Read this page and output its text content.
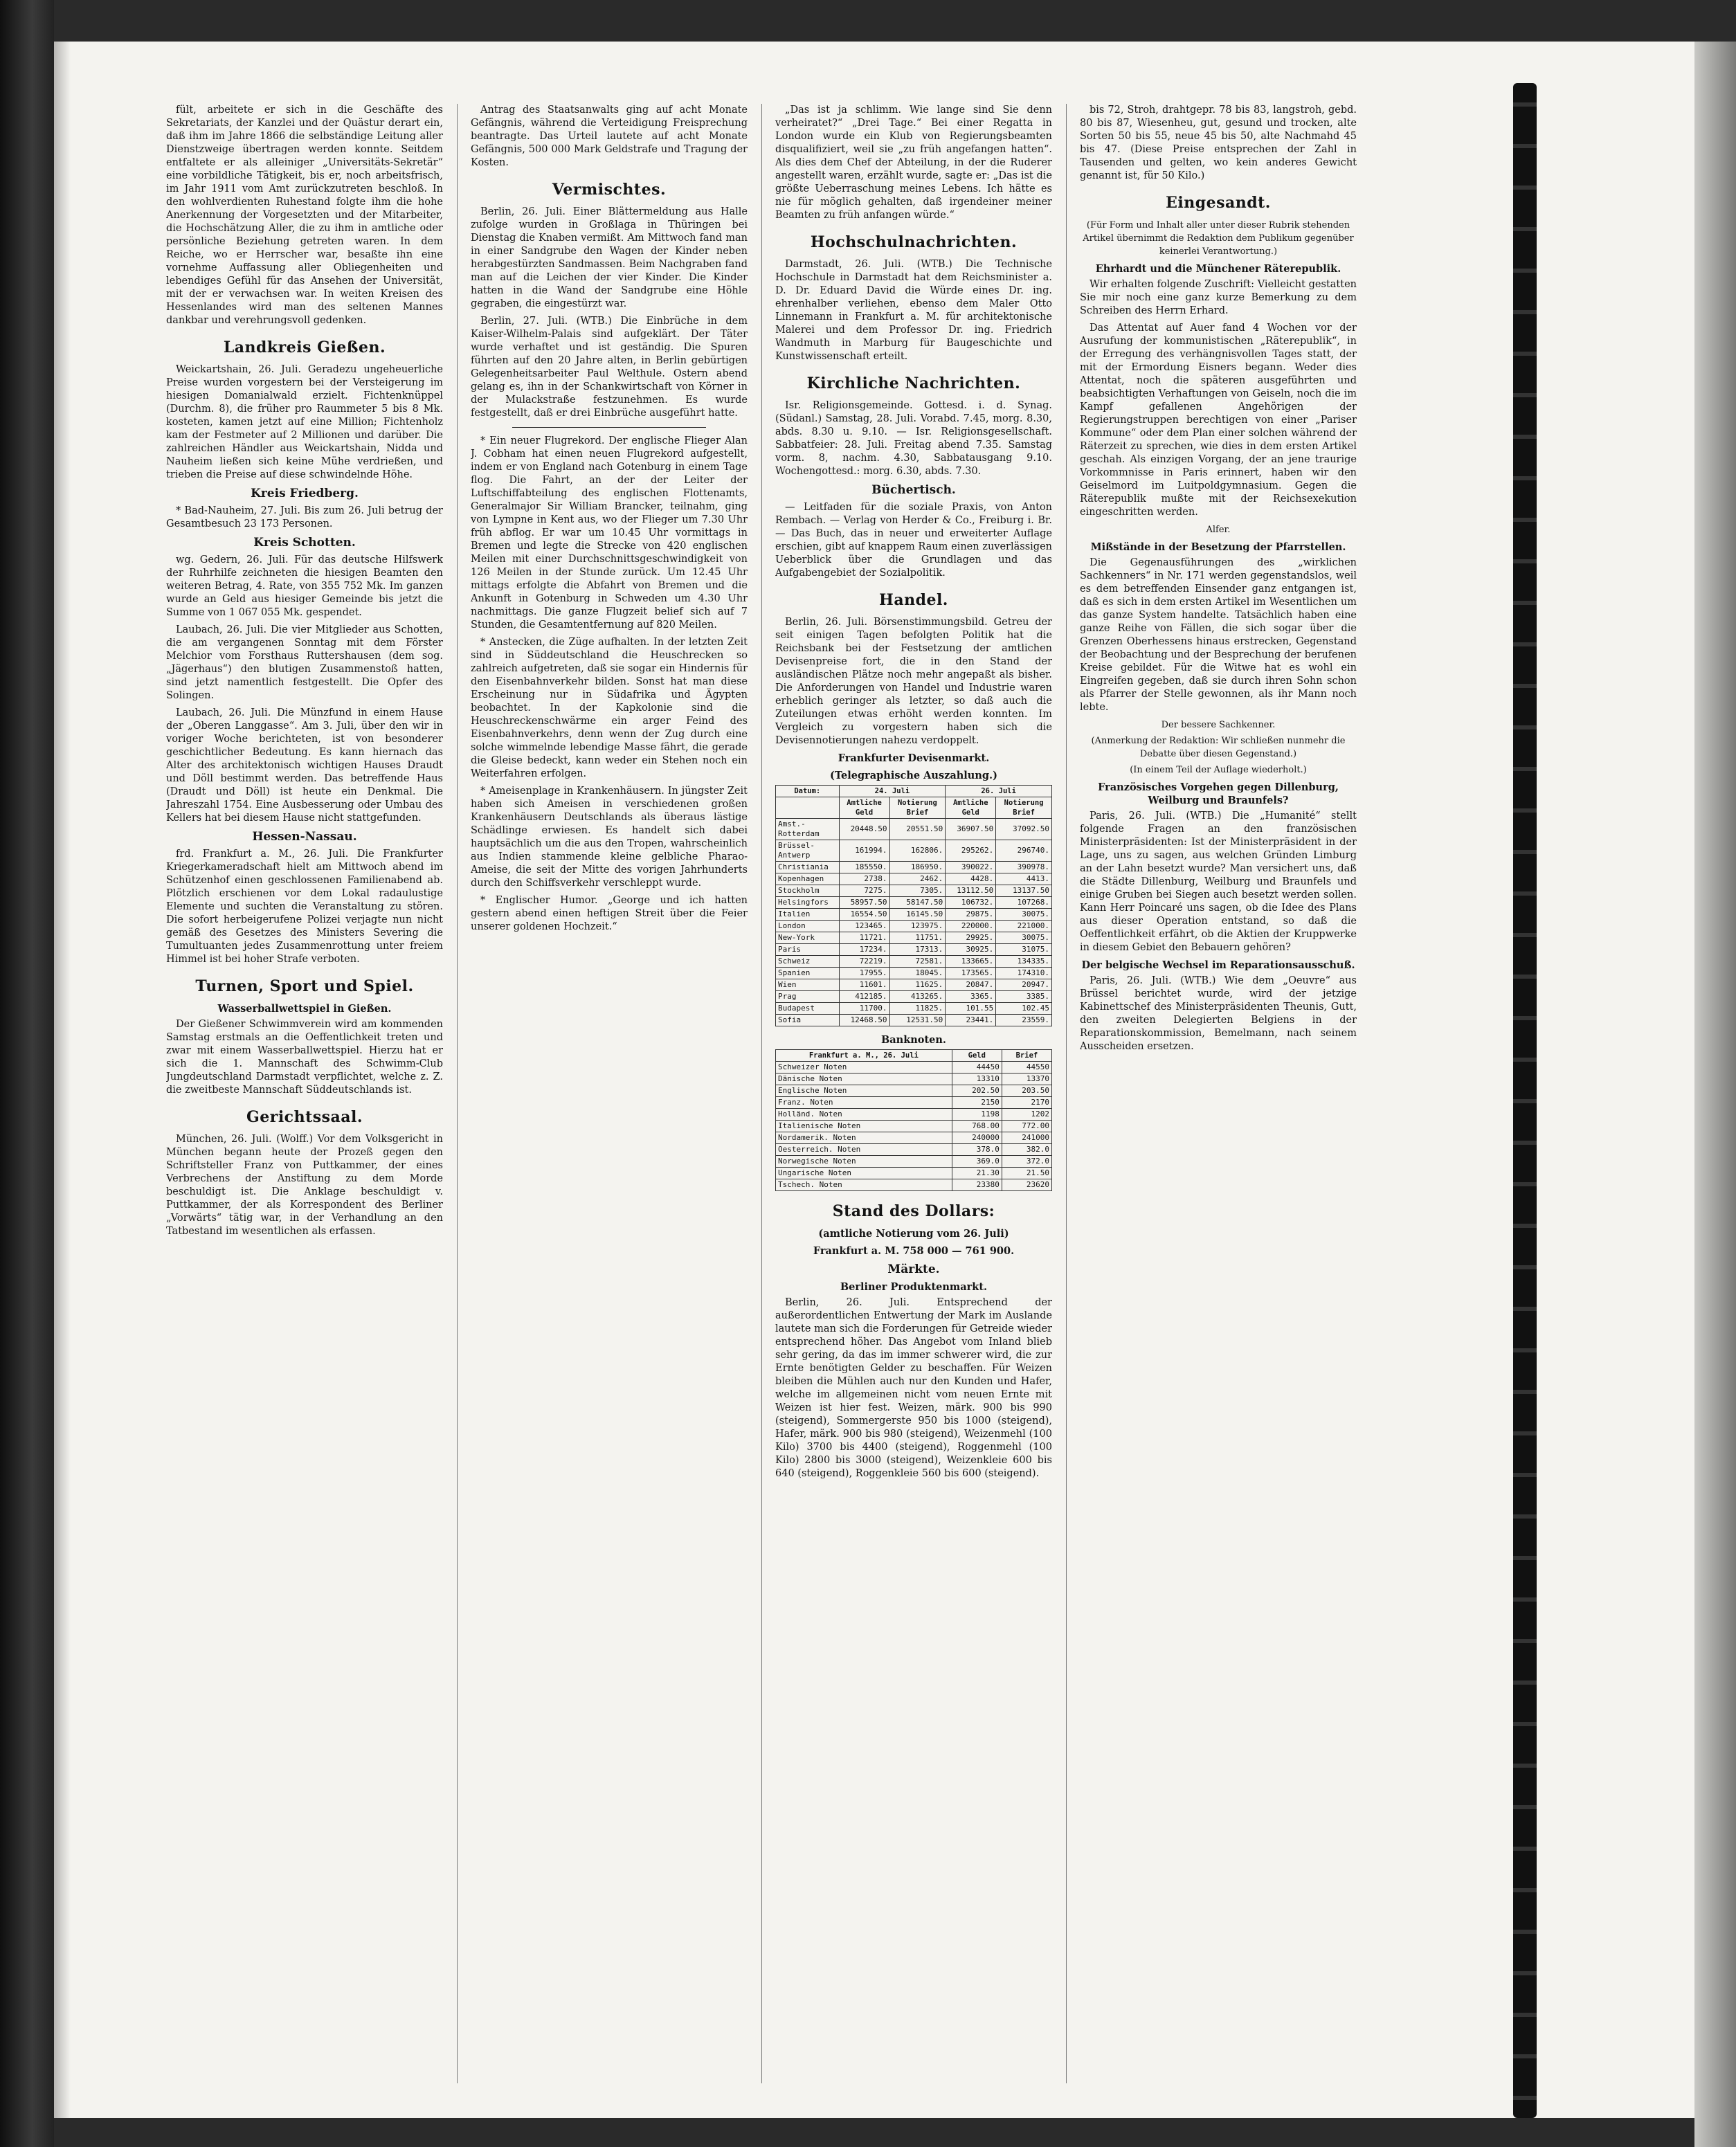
fült, arbeitete er sich in die Geschäfte des Sekretariats, der Kanzlei und der Quästur derart ein, daß ihm im Jahre 1866 die selbständige Leitung aller Dienstzweige übertragen werden konnte. Seitdem entfaltete er als alleiniger „Universitäts-Sekretär“ eine vorbildliche Tätigkeit, bis er, noch arbeitsfrisch, im Jahr 1911 vom Amt zurückzutreten beschloß. In den wohlverdienten Ruhestand folgte ihm die hohe Anerkennung der Vorgesetzten und der Mitarbeiter, die Hochschätzung Aller, die zu ihm in amtliche oder persönliche Beziehung getreten waren. In dem Reiche, wo er Herrscher war, besaßte ihn eine vornehme Auffassung aller Obliegenheiten und lebendiges Gefühl für das Ansehen der Universität, mit der er verwachsen war. In weiten Kreisen des Hessenlandes wird man des seltenen Mannes dankbar und verehrungsvoll gedenken.

Landkreis Gießen.

Weickartshain, 26. Juli. Geradezu ungeheuerliche Preise wurden vorgestern bei der Versteigerung im hiesigen Domanialwald erzielt. Fichtenknüppel (Durchm. 8), die früher pro Raummeter 5 bis 8 Mk. kosteten, kamen jetzt auf eine Million; Fichtenholz kam der Festmeter auf 2 Millionen und darüber. Die zahlreichen Händler aus Weickartshain, Nidda und Nauheim ließen sich keine Mühe verdrießen, und trieben die Preise auf diese schwindelnde Höhe.

Kreis Friedberg.

* Bad-Nauheim, 27. Juli. Bis zum 26. Juli betrug der Gesamtbesuch 23 173 Personen.

Kreis Schotten.

wg. Gedern, 26. Juli. Für das deutsche Hilfswerk der Ruhrhilfe zeichneten die hiesigen Beamten den weiteren Betrag, 4. Rate, von 355 752 Mk. Im ganzen wurde an Geld aus hiesiger Gemeinde bis jetzt die Summe von 1 067 055 Mk. gespendet.

Laubach, 26. Juli. Die vier Mitglieder aus Schotten, die am vergangenen Sonntag mit dem Förster Melchior vom Forsthaus Ruttershausen (dem sog. „Jägerhaus“) den blutigen Zusammenstoß hatten, sind jetzt namentlich festgestellt. Die Opfer des Solingen.

Laubach, 26. Juli. Die Münzfund in einem Hause der „Oberen Langgasse“. Am 3. Juli, über den wir in voriger Woche berichteten, ist von besonderer geschichtlicher Bedeutung. Es kann hiernach das Alter des architektonisch wichtigen Hauses Draudt und Döll bestimmt werden. Das betreffende Haus (Draudt und Döll) ist heute ein Denkmal. Die Jahreszahl 1754. Eine Ausbesserung oder Umbau des Kellers hat bei diesem Hause nicht stattgefunden.

Hessen-Nassau.

frd. Frankfurt a. M., 26. Juli. Die Frankfurter Kriegerkameradschaft hielt am Mittwoch abend im Schützenhof einen geschlossenen Familienabend ab. Plötzlich erschienen vor dem Lokal radaulustige Elemente und suchten die Veranstaltung zu stören. Die sofort herbeigerufene Polizei verjagte nun nicht gemäß des Gesetzes des Ministers Severing die Tumultuanten jedes Zusammenrottung unter freiem Himmel ist bei hoher Strafe verboten.

Turnen, Sport und Spiel.
Wasserballwettspiel in Gießen.

Der Gießener Schwimmverein wird am kommenden Samstag erstmals an die Oeffentlichkeit treten und zwar mit einem Wasserballwettspiel. Hierzu hat er sich die 1. Mannschaft des Schwimm-Club Jungdeutschland Darmstadt verpflichtet, welche z. Z. die zweitbeste Mannschaft Süddeutschlands ist.

Gerichtssaal.

München, 26. Juli. (Wolff.) Vor dem Volksgericht in München begann heute der Prozeß gegen den Schriftsteller Franz von Puttkammer, der eines Verbrechens der Anstiftung zu dem Morde beschuldigt ist. Die Anklage beschuldigt v. Puttkammer, der als Korrespondent des Berliner „Vorwärts“ tätig war, in der Verhandlung an den Tatbestand im wesentlichen als erfassen.

Antrag des Staatsanwalts ging auf acht Monate Gefängnis, während die Verteidigung Freisprechung beantragte. Das Urteil lautete auf acht Monate Gefängnis, 500 000 Mark Geldstrafe und Tragung der Kosten.

Vermischtes.

Berlin, 26. Juli. Einer Blättermeldung aus Halle zufolge wurden in Großlaga in Thüringen bei Dienstag die Knaben vermißt. Am Mittwoch fand man in einer Sandgrube den Wagen der Kinder neben herabgestürzten Sandmassen. Beim Nachgraben fand man auf die Leichen der vier Kinder. Die Kinder hatten in die Wand der Sandgrube eine Höhle gegraben, die eingestürzt war.

Berlin, 27. Juli. (WTB.) Die Einbrüche in dem Kaiser-Wilhelm-Palais sind aufgeklärt. Der Täter wurde verhaftet und ist geständig. Die Spuren führten auf den 20 Jahre alten, in Berlin gebürtigen Gelegenheitsarbeiter Paul Welthule. Ostern abend gelang es, ihn in der Schankwirtschaft von Körner in der Mulackstraße festzunehmen. Es wurde festgestellt, daß er drei Einbrüche ausgeführt hatte.

* Ein neuer Flugrekord. Der englische Flieger Alan J. Cobham hat einen neuen Flugrekord aufgestellt, indem er von England nach Gotenburg in einem Tage flog. Die Fahrt, an der der Leiter der Luftschiffabteilung des englischen Flottenamts, Generalmajor Sir William Brancker, teilnahm, ging von Lympne in Kent aus, wo der Flieger um 7.30 Uhr früh abflog. Er war um 10.45 Uhr vormittags in Bremen und legte die Strecke von 420 englischen Meilen mit einer Durchschnittsgeschwindigkeit von 126 Meilen in der Stunde zurück. Um 12.45 Uhr mittags erfolgte die Abfahrt von Bremen und die Ankunft in Gotenburg in Schweden um 4.30 Uhr nachmittags. Die ganze Flugzeit belief sich auf 7 Stunden, die Gesamtentfernung auf 820 Meilen.

* Anstecken, die Züge aufhalten. In der letzten Zeit sind in Süddeutschland die Heuschrecken so zahlreich aufgetreten, daß sie sogar ein Hindernis für den Eisenbahnverkehr bilden. Sonst hat man diese Erscheinung nur in Südafrika und Ägypten beobachtet. In der Kapkolonie sind die Heuschreckenschwärme ein arger Feind des Eisenbahnverkehrs, denn wenn der Zug durch eine solche wimmelnde lebendige Masse fährt, die gerade die Gleise bedeckt, kann weder ein Stehen noch ein Weiterfahren erfolgen.

* Ameisenplage in Krankenhäusern. In jüngster Zeit haben sich Ameisen in verschiedenen großen Krankenhäusern Deutschlands als überaus lästige Schädlinge erwiesen. Es handelt sich dabei hauptsächlich um die aus den Tropen, wahrscheinlich aus Indien stammende kleine gelbliche Pharao-Ameise, die seit der Mitte des vorigen Jahrhunderts durch den Schiffsverkehr verschleppt wurde.

* Englischer Humor. „George und ich hatten gestern abend einen heftigen Streit über die Feier unserer goldenen Hochzeit.“

„Das ist ja schlimm. Wie lange sind Sie denn verheiratet?“ „Drei Tage.“ Bei einer Regatta in London wurde ein Klub von Regierungsbeamten disqualifiziert, weil sie „zu früh angefangen hatten“. Als dies dem Chef der Abteilung, in der die Ruderer angestellt waren, erzählt wurde, sagte er: „Das ist die größte Ueberraschung meines Lebens. Ich hätte es nie für möglich gehalten, daß irgendeiner meiner Beamten zu früh anfangen würde.“

Hochschulnachrichten.

Darmstadt, 26. Juli. (WTB.) Die Technische Hochschule in Darmstadt hat dem Reichsminister a. D. Dr. Eduard David die Würde eines Dr. ing. ehrenhalber verliehen, ebenso dem Maler Otto Linnemann in Frankfurt a. M. für architektonische Malerei und dem Professor Dr. ing. Friedrich Wandmuth in Marburg für Baugeschichte und Kunstwissenschaft erteilt.

Kirchliche Nachrichten.

Isr. Religionsgemeinde. Gottesd. i. d. Synag. (Südanl.) Samstag, 28. Juli. Vorabd. 7.45, morg. 8.30, abds. 8.30 u. 9.10. — Isr. Religionsgesellschaft. Sabbatfeier: 28. Juli. Freitag abend 7.35. Samstag vorm. 8, nachm. 4.30, Sabbatausgang 9.10. Wochengottesd.: morg. 6.30, abds. 7.30.

Büchertisch.

— Leitfaden für die soziale Praxis, von Anton Rembach. — Verlag von Herder & Co., Freiburg i. Br. — Das Buch, das in neuer und erweiterter Auflage erschien, gibt auf knappem Raum einen zuverlässigen Ueberblick über die Grundlagen und das Aufgabengebiet der Sozialpolitik.

Handel.

Berlin, 26. Juli. Börsenstimmungsbild. Getreu der seit einigen Tagen befolgten Politik hat die Reichsbank bei der Festsetzung der amtlichen Devisenpreise fort, die in den Stand der ausländischen Plätze noch mehr angepaßt als bisher. Die Anforderungen von Handel und Industrie waren erheblich geringer als letzter, so daß auch die Zuteilungen etwas erhöht werden konnten. Im Vergleich zu vorgestern haben sich die Devisennotierungen nahezu verdoppelt.

Frankfurter Devisenmarkt.
(Telegraphische Auszahlung.)
Datum:	24. Juli		26. Juli	
	Amtliche Geld	Notierung Brief	Amtliche Geld	Notierung Brief
Amst.-Rotterdam	20448.50	20551.50	36907.50	37092.50
Brüssel-Antwerp	161994.	162806.	295262.	296740.
Christiania	185550.	186950.	390022.	390978.
Kopenhagen	2738.	2462.	4428.	4413.
Stockholm	7275.	7305.	13112.50	13137.50
Helsingfors	58957.50	58147.50	106732.	107268.
Italien	16554.50	16145.50	29875.	30075.
London	123465.	123975.	220000.	221000.
New-York	11721.	11751.	29925.	30075.
Paris	17234.	17313.	30925.	31075.
Schweiz	72219.	72581.	133665.	134335.
Spanien	17955.	18045.	173565.	174310.
Wien	11601.	11625.	20847.	20947.
Prag	412185.	413265.	3365.	3385.
Budapest	11700.	11825.	101.55	102.45
Sofia	12468.50	12531.50	23441.	23559.
Banknoten.
Frankfurt a. M., 26. Juli	Geld	Brief
Schweizer Noten	44450	44550
Dänische Noten	13310	13370
Englische Noten	202.50	203.50
Franz. Noten	2150	2170
Holländ. Noten	1198	1202
Italienische Noten	768.00	772.00
Nordamerik. Noten	240000	241000
Oesterreich. Noten	378.0	382.0
Norwegische Noten	369.0	372.0
Ungarische Noten	21.30	21.50
Tschech. Noten	23380	23620
Stand des Dollars:
(amtliche Notierung vom 26. Juli)
Frankfurt a. M. 758 000 — 761 900.
Märkte.
Berliner Produktenmarkt.

Berlin, 26. Juli. Entsprechend der außerordentlichen Entwertung der Mark im Auslande lautete man sich die Forderungen für Getreide wieder entsprechend höher. Das Angebot vom Inland blieb sehr gering, da das im immer schwerer wird, die zur Ernte benötigten Gelder zu beschaffen. Für Weizen bleiben die Mühlen auch nur den Kunden und Hafer, welche im allgemeinen nicht vom neuen Ernte mit Weizen ist hier fest. Weizen, märk. 900 bis 990 (steigend), Sommergerste 950 bis 1000 (steigend), Hafer, märk. 900 bis 980 (steigend), Weizenmehl (100 Kilo) 3700 bis 4400 (steigend), Roggenmehl (100 Kilo) 2800 bis 3000 (steigend), Weizenkleie 600 bis 640 (steigend), Roggenkleie 560 bis 600 (steigend).

bis 72, Stroh, drahtgepr. 78 bis 83, langstroh, gebd. 80 bis 87, Wiesenheu, gut, gesund und trocken, alte Sorten 50 bis 55, neue 45 bis 50, alte Nachmahd 45 bis 47. (Diese Preise entsprechen der Zahl in Tausenden und gelten, wo kein anderes Gewicht genannt ist, für 50 Kilo.)

Eingesandt.
(Für Form und Inhalt aller unter dieser Rubrik stehenden Artikel übernimmt die Redaktion dem Publikum gegenüber keinerlei Verantwortung.)
Ehrhardt und die Münchener Räterepublik.

Wir erhalten folgende Zuschrift: Vielleicht gestatten Sie mir noch eine ganz kurze Bemerkung zu dem Schreiben des Herrn Erhard.

Das Attentat auf Auer fand 4 Wochen vor der Ausrufung der kommunistischen „Räterepublik“, in der Erregung des verhängnisvollen Tages statt, der mit der Ermordung Eisners begann. Weder dies Attentat, noch die späteren ausgeführten und beabsichtigten Verhaftungen von Geiseln, noch die im Kampf gefallenen Angehörigen der Regierungstruppen berechtigen von einer „Pariser Kommune“ oder dem Plan einer solchen während der Räterzeit zu sprechen, wie dies in dem ersten Artikel geschah. Als einzigen Vorgang, der an jene traurige Vorkommnisse in Paris erinnert, haben wir den Geiselmord im Luitpoldgymnasium. Gegen die Räterepublik mußte mit der Reichsexekution eingeschritten werden.

Alfer.
Mißstände in der Besetzung der Pfarrstellen.

Die Gegenausführungen des „wirklichen Sachkenners“ in Nr. 171 werden gegenstandslos, weil es dem betreffenden Einsender ganz entgangen ist, daß es sich in dem ersten Artikel im Wesentlichen um das ganze System handelte. Tatsächlich haben eine ganze Reihe von Fällen, die sich sogar über die Grenzen Oberhessens hinaus erstrecken, Gegenstand der Beobachtung und der Besprechung der berufenen Kreise gebildet. Für die Witwe hat es wohl ein Eingreifen gegeben, daß sie durch ihren Sohn schon als Pfarrer der Stelle gewonnen, als ihr Mann noch lebte.

Der bessere Sachkenner.
(Anmerkung der Redaktion: Wir schließen nunmehr die Debatte über diesen Gegenstand.)
(In einem Teil der Auflage wiederholt.)
Französisches Vorgehen gegen Dillenburg, Weilburg und Braunfels?

Paris, 26. Juli. (WTB.) Die „Humanité“ stellt folgende Fragen an den französischen Ministerpräsidenten: Ist der Ministerpräsident in der Lage, uns zu sagen, aus welchen Gründen Limburg an der Lahn besetzt wurde? Man versichert uns, daß die Städte Dillenburg, Weilburg und Braunfels und einige Gruben bei Siegen auch besetzt werden sollen. Kann Herr Poincaré uns sagen, ob die Idee des Plans aus dieser Operation entstand, so daß die Oeffentlichkeit erfährt, ob die Aktien der Kruppwerke in diesem Gebiet den Bebauern gehören?

Der belgische Wechsel im Reparationsausschuß.

Paris, 26. Juli. (WTB.) Wie dem „Oeuvre“ aus Brüssel berichtet wurde, wird der jetzige Kabinettschef des Ministerpräsidenten Theunis, Gutt, den zweiten Delegierten Belgiens in der Reparationskommission, Bemelmann, nach seinem Ausscheiden ersetzen.
